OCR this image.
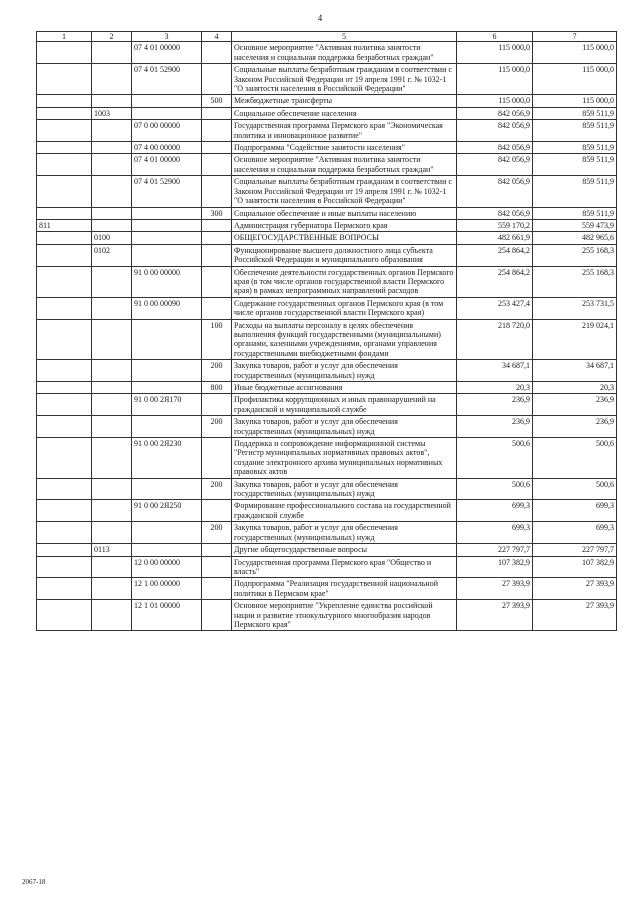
4
1	2	3	4	5	6	7
		07 4 01 00000		Основное мероприятие "Активная политика занятости населения и социальная поддержка безработных граждан"	115 000,0	115 000,0
		07 4 01 52900		Социальные выплаты безработным гражданам в соответствии с Законом Российской Федерации от 19 апреля 1991 г. № 1032-1 "О занятости населения в Российской Федерации"	115 000,0	115 000,0
			500	Межбюджетные трансферты	115 000,0	115 000,0
	1003			Социальное обеспечение населения	842 056,9	859 511,9
		07 0 00 00000		Государственная программа Пермского края "Экономическая политика и инновационное развитие"	842 056,9	859 511,9
		07 4 00 00000		Подпрограмма "Содействие занятости населения"	842 056,9	859 511,9
		07 4 01 00000		Основное мероприятие "Активная политика занятости населения и социальная поддержка безработных граждан"	842 056,9	859 511,9
		07 4 01 52900		Социальные выплаты безработным гражданам в соответствии с Законом Российской Федерации от 19 апреля 1991 г. № 1032-1 "О занятости населения в Российской Федерации"	842 056,9	859 511,9
			300	Социальное обеспечение и иные выплаты населению	842 056,9	859 511,9
811				Администрация губернатора Пермского края	559 170,2	559 473,9
	0100			ОБЩЕГОСУДАРСТВЕННЫЕ ВОПРОСЫ	482 661,9	482 965,6
	0102			Функционирование высшего должностного лица субъекта Российской Федерации и муниципального образования	254 864,2	255 168,3
		91 0 00 00000		Обеспечение деятельности государственных органов Пермского края (в том числе органов государственной власти Пермского края) в рамках непрограммных направлений расходов	254 864,2	255 168,3
		91 0 00 00090		Содержание государственных органов Пермского края (в том числе органов государственной власти Пермского края)	253 427,4	253 731,5
			100	Расходы на выплаты персоналу в целях обеспечения выполнения функций государственными (муниципальными) органами, казенными учреждениями, органами управления государственными внебюджетными фондами	218 720,0	219 024,1
			200	Закупка товаров, работ и услуг для обеспечения государственных (муниципальных) нужд	34 687,1	34 687,1
			800	Иные бюджетные ассигнования	20,3	20,3
		91 0 00 2Я170		Профилактика коррупционных и иных правонарушений на гражданской и муниципальной службе	236,9	236,9
			200	Закупка товаров, работ и услуг для обеспечения государственных (муниципальных) нужд	236,9	236,9
		91 0 00 2Я230		Поддержка и сопровождение информационной системы "Регистр муниципальных нормативных правовых актов", создание электронного архива муниципальных нормативных правовых актов	500,6	500,6
			200	Закупка товаров, работ и услуг для обеспечения государственных (муниципальных) нужд	500,6	500,6
		91 0 00 2Я250		Формирование профессионального состава на государственной гражданской службе	699,3	699,3
			200	Закупка товаров, работ и услуг для обеспечения государственных (муниципальных) нужд	699,3	699,3
	0113			Другие общегосударственные вопросы	227 797,7	227 797,7
		12 0 00 00000		Государственная программа Пермского края "Общество и власть"	107 382,9	107 382,9
		12 1 00 00000		Подпрограмма "Реализация государственной национальной политики в Пермском крае"	27 393,9	27 393,9
		12 1 01 00000		Основное мероприятие "Укрепление единства российской нации и развитие этнокультурного многообразия народов Пермского края"	27 393,9	27 393,9
2067-18
